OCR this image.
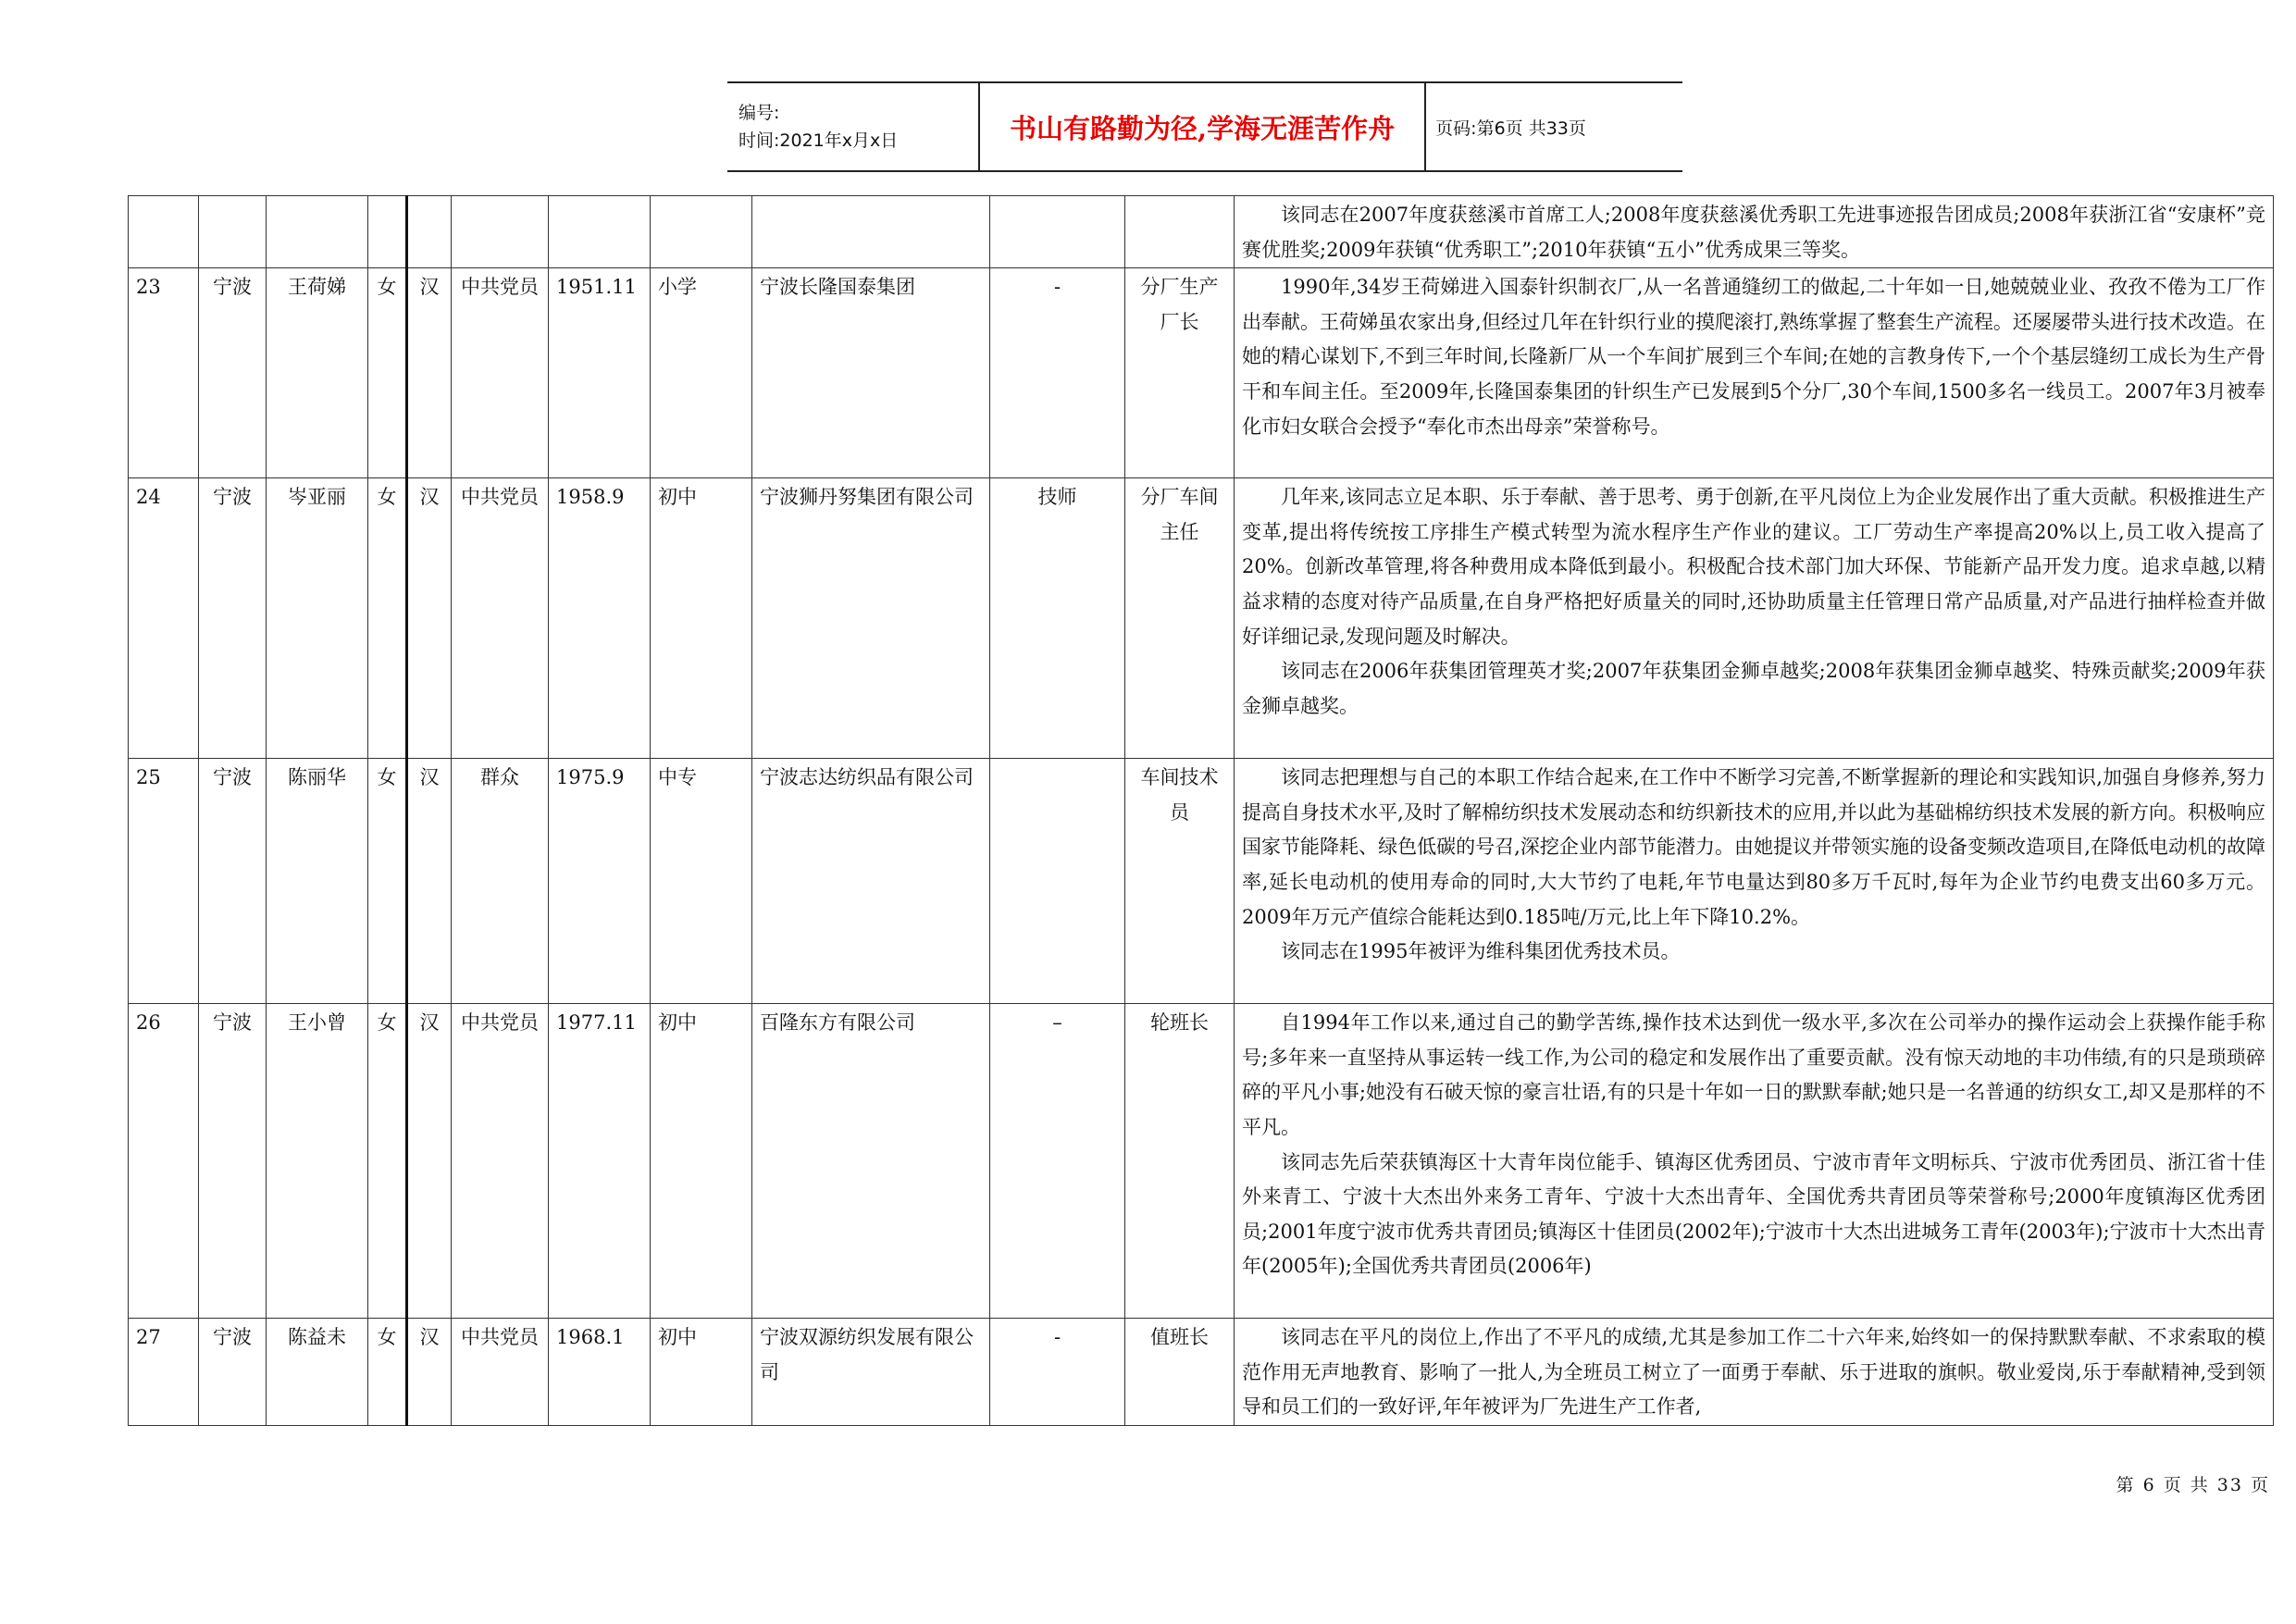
编号:
时间:2021年x月x日	书山有路勤为径,学海无涯苦作舟	页码:第6页 共33页

											该同志在2007年度获慈溪市首席工人;2008年度获慈溪优秀职工先进事迹报告团成员;2008年获浙江省“安康杯”竞赛优胜奖;2009年获镇“优秀职工”;2010年获镇“五小”优秀成果三等奖。

23	宁波	王荷娣	女	汉	中共党员	1951.11	小学	宁波长隆国泰集团	-	分厂生产厂长	1990年,34岁王荷娣进入国泰针织制衣厂,从一名普通缝纫工的做起,二十年如一日,她兢兢业业、孜孜不倦为工厂作出奉献。王荷娣虽农家出身,但经过几年在针织行业的摸爬滚打,熟练掌握了整套生产流程。还屡屡带头进行技术改造。在她的精心谋划下,不到三年时间,长隆新厂从一个车间扩展到三个车间;在她的言教身传下,一个个基层缝纫工成长为生产骨干和车间主任。至2009年,长隆国泰集团的针织生产已发展到5个分厂,30个车间,1500多名一线员工。2007年3月被奉化市妇女联合会授予“奉化市杰出母亲”荣誉称号。

24	宁波	岑亚丽	女	汉	中共党员	1958.9	初中	宁波狮丹努集团有限公司	技师	分厂车间主任	几年来,该同志立足本职、乐于奉献、善于思考、勇于创新,在平凡岗位上为企业发展作出了重大贡献。积极推进生产变革,提出将传统按工序排生产模式转型为流水程序生产作业的建议。工厂劳动生产率提高20%以上,员工收入提高了20%。创新改革管理,将各种费用成本降低到最小。积极配合技术部门加大环保、节能新产品开发力度。追求卓越,以精益求精的态度对待产品质量,在自身严格把好质量关的同时,还协助质量主任管理日常产品质量,对产品进行抽样检查并做好详细记录,发现问题及时解决。

该同志在2006年获集团管理英才奖;2007年获集团金狮卓越奖;2008年获集团金狮卓越奖、特殊贡献奖;2009年获金狮卓越奖。

25	宁波	陈丽华	女	汉	群众	1975.9	中专	宁波志达纺织品有限公司		车间技术员	该同志把理想与自己的本职工作结合起来,在工作中不断学习完善,不断掌握新的理论和实践知识,加强自身修养,努力提高自身技术水平,及时了解棉纺织技术发展动态和纺织新技术的应用,并以此为基础棉纺织技术发展的新方向。积极响应国家节能降耗、绿色低碳的号召,深挖企业内部节能潜力。由她提议并带领实施的设备变频改造项目,在降低电动机的故障率,延长电动机的使用寿命的同时,大大节约了电耗,年节电量达到80多万千瓦时,每年为企业节约电费支出60多万元。2009年万元产值综合能耗达到0.185吨/万元,比上年下降10.2%。

该同志在1995年被评为维科集团优秀技术员。

26	宁波	王小曾	女	汉	中共党员	1977.11	初中	百隆东方有限公司	–	轮班长	自1994年工作以来,通过自己的勤学苦练,操作技术达到优一级水平,多次在公司举办的操作运动会上获操作能手称号;多年来一直坚持从事运转一线工作,为公司的稳定和发展作出了重要贡献。没有惊天动地的丰功伟绩,有的只是琐琐碎碎的平凡小事;她没有石破天惊的豪言壮语,有的只是十年如一日的默默奉献;她只是一名普通的纺织女工,却又是那样的不平凡。

该同志先后荣获镇海区十大青年岗位能手、镇海区优秀团员、宁波市青年文明标兵、宁波市优秀团员、浙江省十佳外来青工、宁波十大杰出外来务工青年、宁波十大杰出青年、全国优秀共青团员等荣誉称号;2000年度镇海区优秀团员;2001年度宁波市优秀共青团员;镇海区十佳团员(2002年);宁波市十大杰出进城务工青年(2003年);宁波市十大杰出青年(2005年);全国优秀共青团员(2006年)

27	宁波	陈益未	女	汉	中共党员	1968.1	初中	宁波双源纺织发展有限公司	-	值班长	该同志在平凡的岗位上,作出了不平凡的成绩,尤其是参加工作二十六年来,始终如一的保持默默奉献、不求索取的模范作用无声地教育、影响了一批人,为全班员工树立了一面勇于奉献、乐于进取的旗帜。敬业爱岗,乐于奉献精神,受到领导和员工们的一致好评,年年被评为厂先进生产工作者,

第 6 页 共 33 页
